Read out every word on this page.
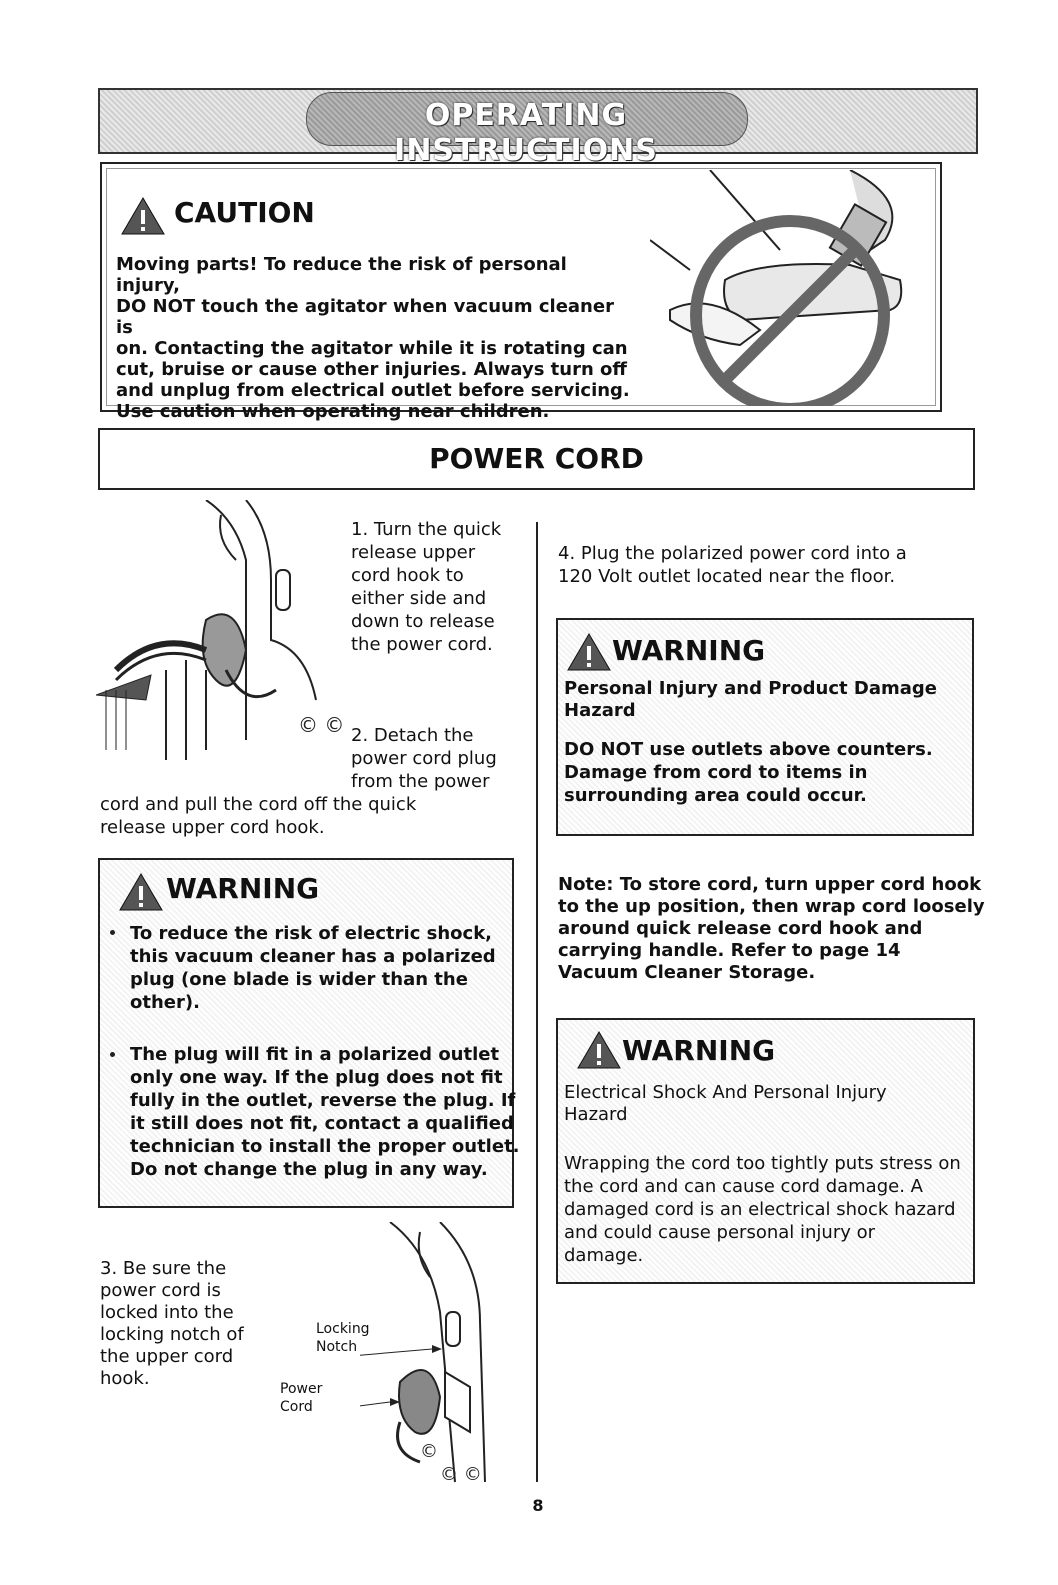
OPERATING INSTRUCTIONS
CAUTION
Moving parts! To reduce the risk of personal injury,
DO NOT touch the agitator when vacuum cleaner is
on. Contacting the agitator while it is rotating can
cut, bruise or cause other injuries. Always turn off
and unplug from electrical outlet before servicing.
Use caution when operating near children.
POWER CORD
© ©
1. Turn the quick
release upper
cord hook to
either side and
down to release
the power cord.
2. Detach the
power cord plug
from the power
cord and pull the cord off the quick
release upper cord hook.
WARNING
To reduce the risk of electric shock,
this vacuum cleaner has a polarized
plug (one blade is wider than the
other).
The plug will fit in a polarized outlet
only one way. If the plug does not fit
fully in the outlet, reverse the plug. If
it still does not fit, contact a qualified
technician to install the proper outlet.
Do not change the plug in any way.
3. Be sure the
power cord is
locked into the
locking notch of
the upper cord
hook.
©
© ©
Locking
Notch
Power
Cord
4. Plug the polarized power cord into a
120 Volt outlet located near the floor.
WARNING
Personal Injury and Product Damage
Hazard
DO NOT use outlets above counters.
Damage from cord to items in
surrounding area could occur.
Note: To store cord, turn upper cord hook
to the up position, then wrap cord loosely
around quick release cord hook and
carrying handle. Refer to page 14
Vacuum Cleaner Storage.
WARNING
Electrical Shock And Personal Injury
Hazard
Wrapping the cord too tightly puts stress on
the cord and can cause cord damage. A
damaged cord is an electrical shock hazard
and could cause personal injury or
damage.
8
